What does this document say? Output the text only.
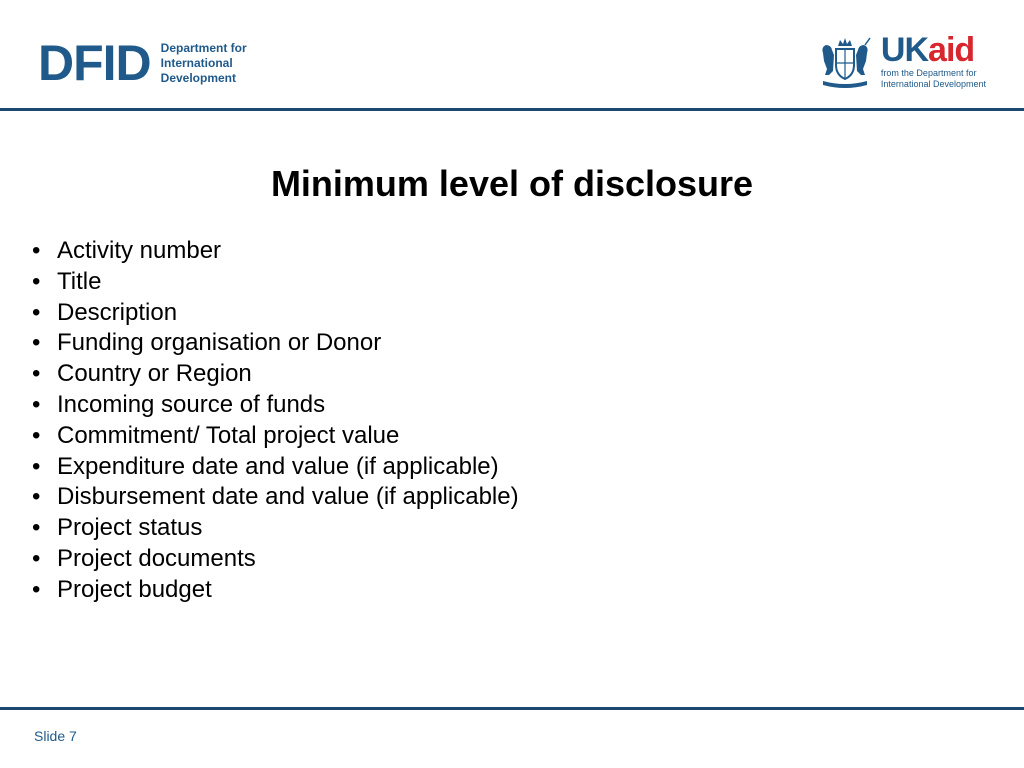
DFID Department for
International
Development
UKaid
from the Department for
International Development
Minimum level of disclosure
• Activity number
• Title
• Description
• Funding organisation or Donor
• Country or Region
• Incoming source of funds
• Commitment/ Total project value
• Expenditure date and value (if applicable)
• Disbursement date and value (if applicable)
• Project status
• Project documents
• Project budget
Slide 7
